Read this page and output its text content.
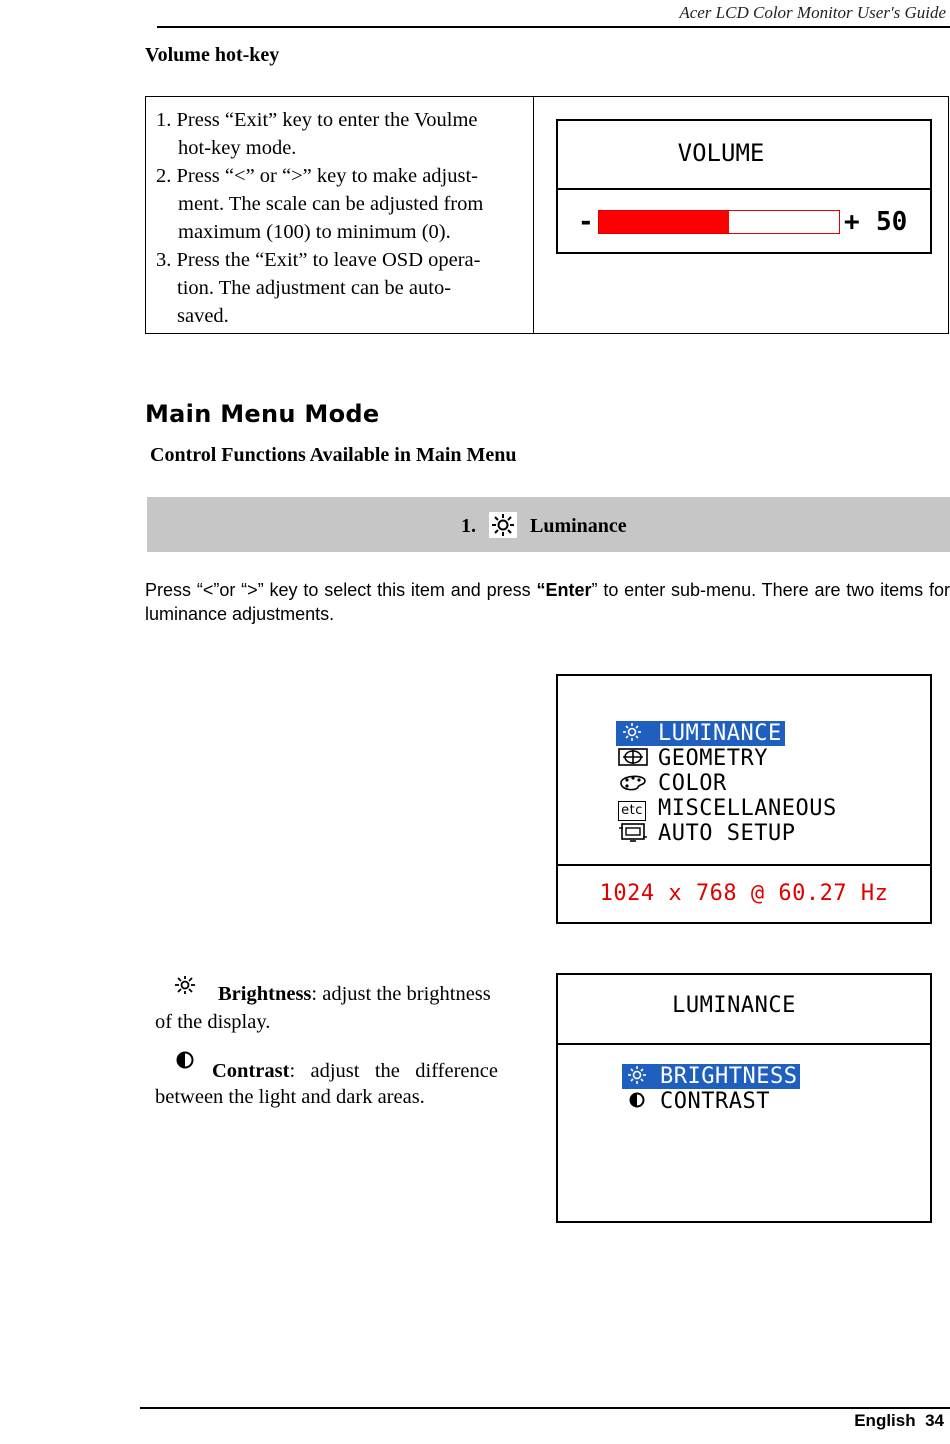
Acer LCD Color Monitor User's Guide
Volume hot-key
1. Press “Exit” key to enter the Voulme
hot-key mode.
2. Press “<” or “>” key to make adjust-
ment. The scale can be adjusted from
maximum (100) to minimum (0).
3. Press the “Exit” to leave OSD opera-
tion. The adjustment can be auto-
saved.
VOLUME
-	+ 50
Main Menu Mode
Control Functions Available in Main Menu
1.	Luminance
Press “<”or “>” key to select this item and press “Enter” to enter sub-menu. There are two items for luminance adjustments.
LUMINANCE
GEOMETRY
COLOR
etc MISCELLANEOUS
AUTO SETUP
1024 x 768 @ 60.27 Hz
Brightness: adjust the brightness
of the display.
Contrast:   adjust   the   difference
between the light and dark areas.
LUMINANCE
BRIGHTNESS
CONTRAST
English 34
